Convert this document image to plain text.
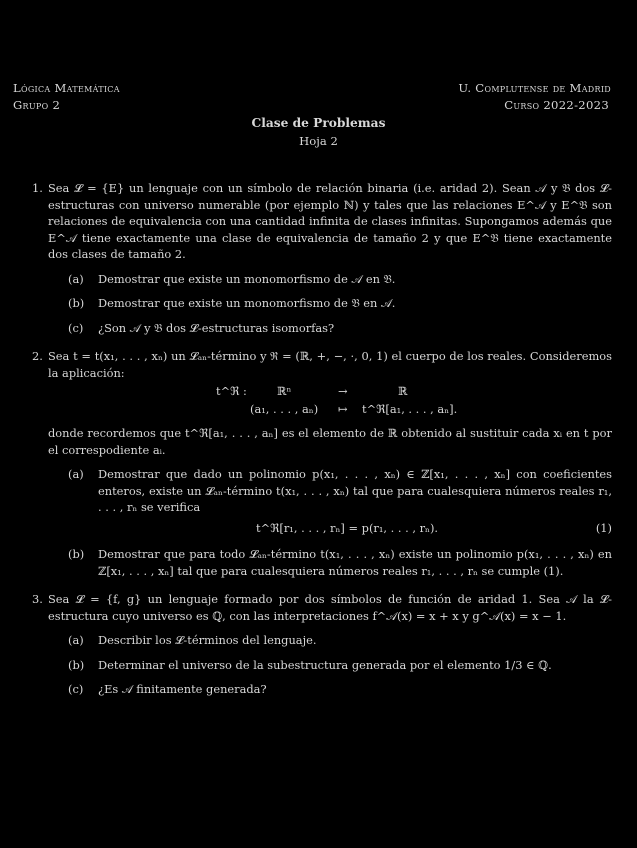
Lógica Matemática
Grupo 2
U. Complutense de Madrid
Curso 2022-2023
Clase de Problemas
Hoja 2
1. Sea 𝓛 = {E} un lenguaje con un símbolo de relación binaria (i.e. aridad 2). Sean 𝒜 y 𝔅 dos 𝓛-estructuras con universo numerable (por ejemplo ℕ) y tales que las relaciones E^𝒜 y E^𝔅 son relaciones de equivalencia con una cantidad infinita de clases infinitas. Supongamos además que E^𝒜 tiene exactamente una clase de equivalencia de tamaño 2 y que E^𝔅 tiene exactamente dos clases de tamaño 2.

(a) Demostrar que existe un monomorfismo de 𝒜 en 𝔅.

(b) Demostrar que existe un monomorfismo de 𝔅 en 𝒜.

(c) ¿Son 𝒜 y 𝔅 dos 𝓛-estructuras isomorfas?

2. Sea t = t(x₁, . . . , xₙ) un 𝓛ₐₙ-término y ℜ = (ℝ, +, −, ·, 0, 1) el cuerpo de los reales. Consideremos la aplicación:

t^ℜ :	ℝⁿ	→	ℝ
(a₁, . . . , aₙ) ↦ t^ℜ[a₁, . . . , aₙ].

donde recordemos que t^ℜ[a₁, . . . , aₙ] es el elemento de ℝ obtenido al sustituir cada xᵢ en t por el correspodiente aᵢ.

(a) Demostrar que dado un polinomio p(x₁, . . . , xₙ) ∈ ℤ[x₁, . . . , xₙ] con coeficientes enteros, existe un 𝓛ₐₙ-término t(x₁, . . . , xₙ) tal que para cualesquiera números reales r₁, . . . , rₙ se verifica

t^ℜ[r₁, . . . , rₙ] = p(r₁, . . . , rₙ).	(1)
(b) Demostrar que para todo 𝓛ₐₙ-término t(x₁, . . . , xₙ) existe un polinomio p(x₁, . . . , xₙ) en ℤ[x₁, . . . , xₙ] tal que para cualesquiera números reales r₁, . . . , rₙ se cumple (1).

3. Sea 𝓛 = {f, g} un lenguaje formado por dos símbolos de función de aridad 1. Sea 𝒜 la 𝓛-estructura cuyo universo es ℚ, con las interpretaciones f^𝒜(x) = x + x y g^𝒜(x) = x − 1.

(a) Describir los 𝓛-términos del lenguaje.

(b) Determinar el universo de la subestructura generada por el elemento 1/3 ∈ ℚ.

(c) ¿Es 𝒜 finitamente generada?
